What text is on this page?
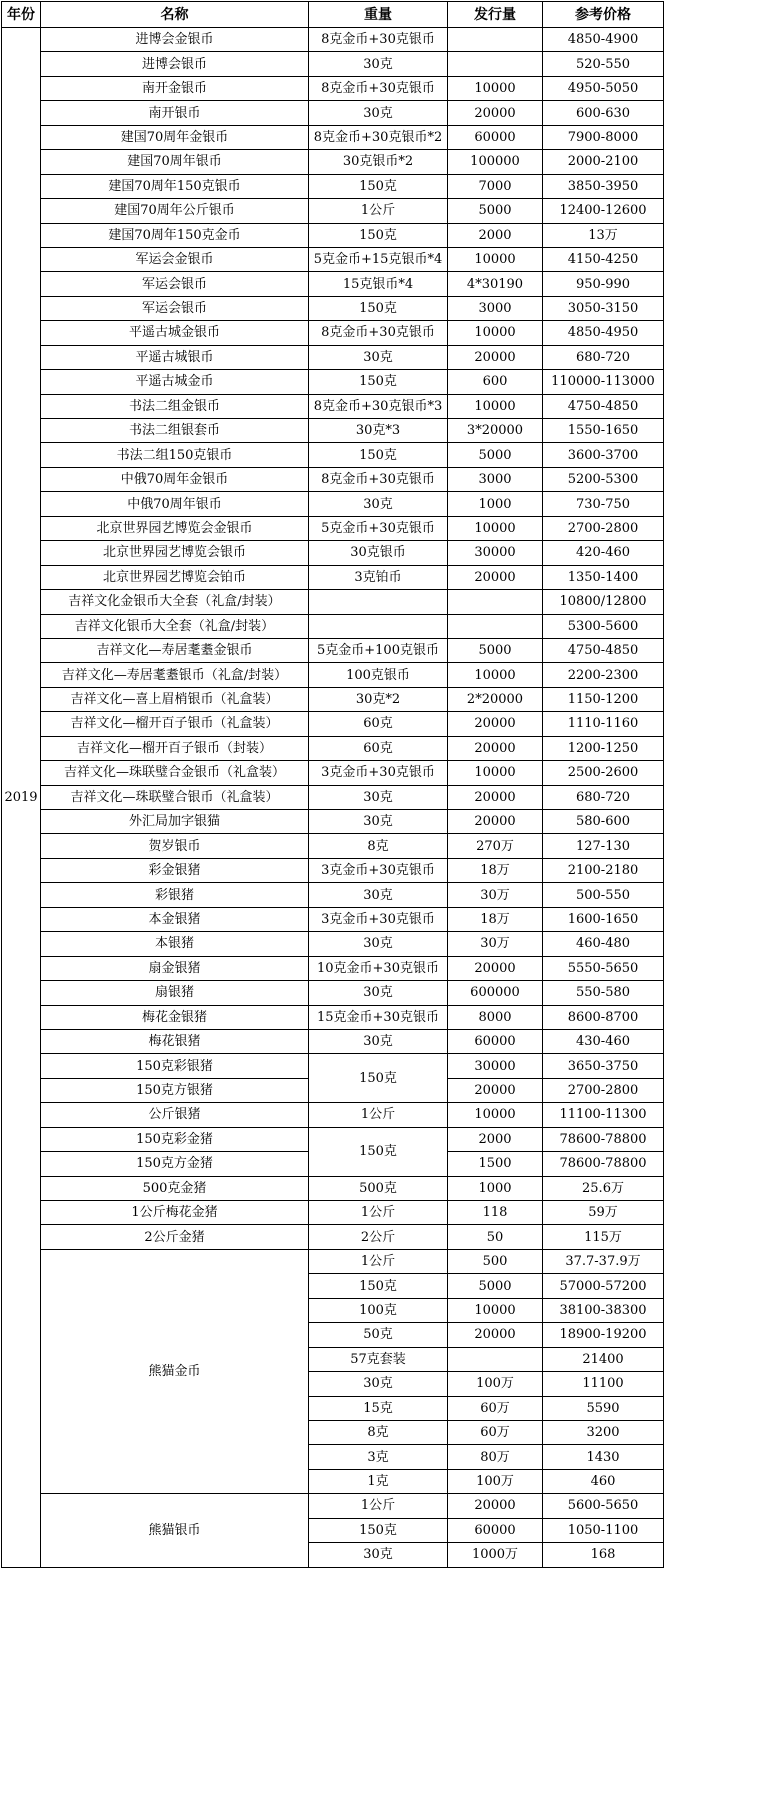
年份	名称	重量	发行量	参考价格
2019	进博会金银币	8克金币+30克银币		4850-4900
	进博会银币	30克		520-550
	南开金银币	8克金币+30克银币	10000	4950-5050
	南开银币	30克	20000	600-630
	建国70周年金银币	8克金币+30克银币*2	60000	7900-8000
	建国70周年银币	30克银币*2	100000	2000-2100
	建国70周年150克银币	150克	7000	3850-3950
	建国70周年公斤银币	1公斤	5000	12400-12600
	建国70周年150克金币	150克	2000	13万
	军运会金银币	5克金币+15克银币*4	10000	4150-4250
	军运会银币	15克银币*4	4*30190	950-990
	军运会银币	150克	3000	3050-3150
	平遥古城金银币	8克金币+30克银币	10000	4850-4950
	平遥古城银币	30克	20000	680-720
	平遥古城金币	150克	600	110000-113000
	书法二组金银币	8克金币+30克银币*3	10000	4750-4850
	书法二组银套币	30克*3	3*20000	1550-1650
	书法二组150克银币	150克	5000	3600-3700
	中俄70周年金银币	8克金币+30克银币	3000	5200-5300
	中俄70周年银币	30克	1000	730-750
	北京世界园艺博览会金银币	5克金币+30克银币	10000	2700-2800
	北京世界园艺博览会银币	30克银币	30000	420-460
	北京世界园艺博览会铂币	3克铂币	20000	1350-1400
	吉祥文化金银币大全套（礼盒/封装）			10800/12800
	吉祥文化银币大全套（礼盒/封装）			5300-5600
	吉祥文化—寿居耄耋金银币	5克金币+100克银币	5000	4750-4850
	吉祥文化—寿居耄耋银币（礼盒/封装）	100克银币	10000	2200-2300
	吉祥文化—喜上眉梢银币（礼盒装）	30克*2	2*20000	1150-1200
	吉祥文化—榴开百子银币（礼盒装）	60克	20000	1110-1160
	吉祥文化—榴开百子银币（封装）	60克	20000	1200-1250
	吉祥文化—珠联璧合金银币（礼盒装）	3克金币+30克银币	10000	2500-2600
	吉祥文化—珠联璧合银币（礼盒装）	30克	20000	680-720
	外汇局加字银猫	30克	20000	580-600
	贺岁银币	8克	270万	127-130
	彩金银猪	3克金币+30克银币	18万	2100-2180
	彩银猪	30克	30万	500-550
	本金银猪	3克金币+30克银币	18万	1600-1650
	本银猪	30克	30万	460-480
	扇金银猪	10克金币+30克银币	20000	5550-5650
	扇银猪	30克	600000	550-580
	梅花金银猪	15克金币+30克银币	8000	8600-8700
	梅花银猪	30克	60000	430-460
	150克彩银猪	150克	30000	3650-3750
	150克方银猪		20000	2700-2800
	公斤银猪	1公斤	10000	11100-11300
	150克彩金猪	150克	2000	78600-78800
	150克方金猪		1500	78600-78800
	500克金猪	500克	1000	25.6万
	1公斤梅花金猪	1公斤	118	59万
	2公斤金猪	2公斤	50	115万
	熊猫金币	1公斤	500	37.7-37.9万
		150克	5000	57000-57200
		100克	10000	38100-38300
		50克	20000	18900-19200
		57克套装		21400
		30克	100万	11100
		15克	60万	5590
		8克	60万	3200
		3克	80万	1430
		1克	100万	460
	熊猫银币	1公斤	20000	5600-5650
		150克	60000	1050-1100
		30克	1000万	168
